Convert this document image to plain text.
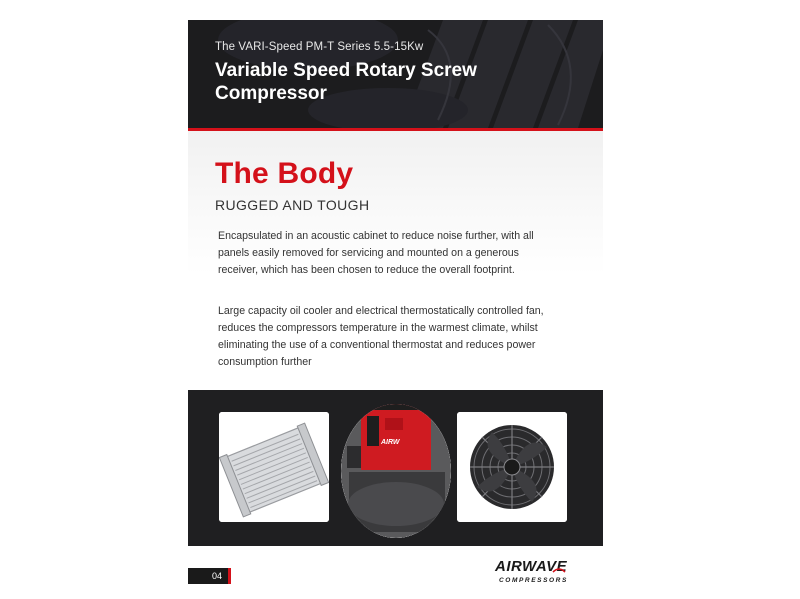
The VARI-Speed PM-T Series 5.5-15Kw
Variable Speed Rotary Screw Compressor
The Body
RUGGED AND TOUGH
Encapsulated in an acoustic cabinet to reduce noise further, with all panels easily removed for servicing and mounted on a generous receiver, which has been chosen to reduce the overall footprint.
Large capacity oil cooler and electrical thermostatically controlled fan, reduces the compressors temperature in the warmest climate, whilst eliminating the use of a conventional thermostat and reduces power consumption further
AIRW
04
AIRWAVE
COMPRESSORS
